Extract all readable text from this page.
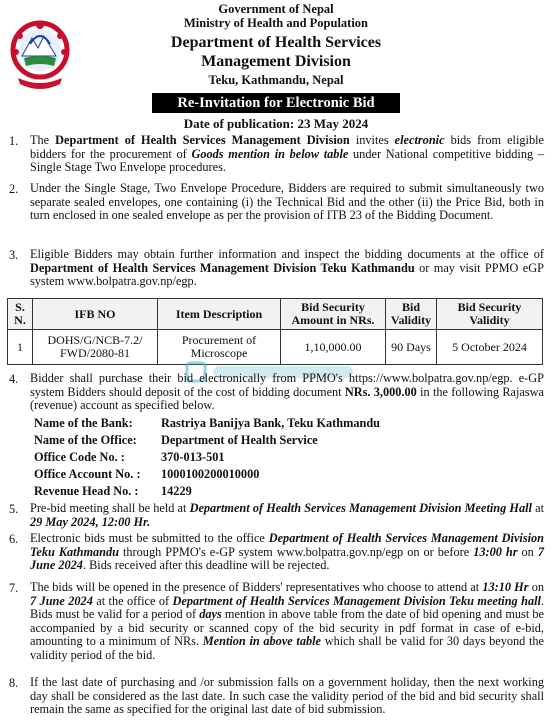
Government of Nepal
Ministry of Health and Population
Department of Health Services
Management Division
Teku, Kathmandu, Nepal
Re-Invitation for Electronic Bid
Date of publication: 23 May 2024
1. The Department of Health Services Management Division invites electronic bids from eligible bidders for the procurement of Goods mention in below table under National competitive bidding – Single Stage Two Envelope procedures.
2. Under the Single Stage, Two Envelope Procedure, Bidders are required to submit simultaneously two separate sealed envelopes, one containing (i) the Technical Bid and the other (ii) the Price Bid, both in turn enclosed in one sealed envelope as per the provision of ITB 23 of the Bidding Document.
3. Eligible Bidders may obtain further information and inspect the bidding documents at the office of Department of Health Services Management Division Teku Kathmandu or may visit PPMO eGP system www.bolpatra.gov.np/egp.
S. N.	IFB NO	Item Description	Bid Security Amount in NRs.	Bid Validity	Bid Security Validity
1	DOHS/G/NCB-7.2/ FWD/2080-81	Procurement of Microscope	1,10,000.00	90 Days	5 October 2024
4. Bidder shall purchase their bid electronically from PPMO's https://www.bolpatra.gov.np/egp. e-GP system Bidders should deposit of the cost of bidding document NRs. 3,000.00 in the following Rajaswa (revenue) account as specified below.
Name of the Bank: Rastriya Banijya Bank, Teku Kathmandu
Name of the Office: Department of Health Service
Office Code No. :	370-013-501
Office Account No. : 1000100200010000
Revenue Head No. : 14229
5. Pre-bid meeting shall be held at Department of Health Services Management Division Meeting Hall at 29 May 2024, 12:00 Hr.
6. Electronic bids must be submitted to the office Department of Health Services Management Division Teku Kathmandu through PPMO's e-GP system www.bolpatra.gov.np/egp on or before 13:00 hr on 7 June 2024. Bids received after this deadline will be rejected.
7. The bids will be opened in the presence of Bidders' representatives who choose to attend at 13:10 Hr on 7 June 2024 at the office of Department of Health Services Management Division Teku meeting hall. Bids must be valid for a period of days mention in above table from the date of bid opening and must be accompanied by a bid security or scanned copy of the bid security in pdf format in case of e-bid, amounting to a minimum of NRs. Mention in above table which shall be valid for 30 days beyond the validity period of the bid.
8. If the last date of purchasing and /or submission falls on a government holiday, then the next working day shall be considered as the last date. In such case the validity period of the bid and bid security shall remain the same as specified for the original last date of bid submission.
